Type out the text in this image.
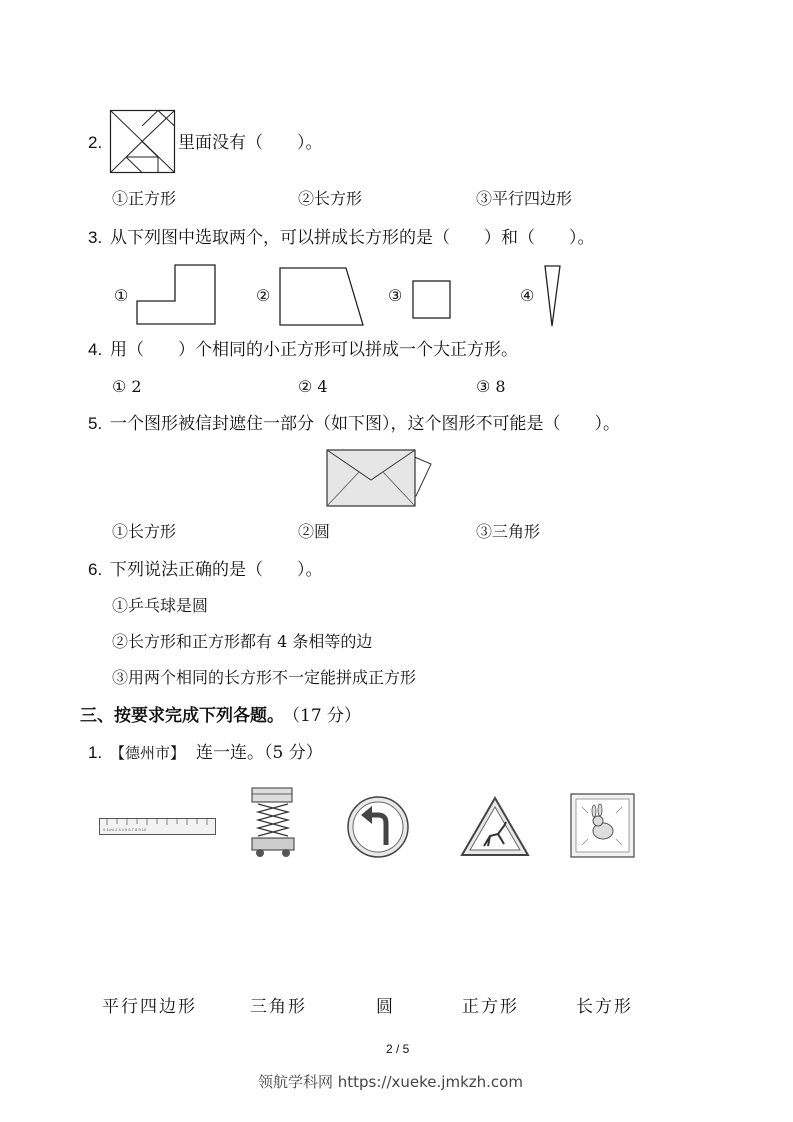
2.	里面没有（　　）。
①正方形	②长方形	③平行四边形
3. 从下列图中选取两个，可以拼成长方形的是（　　）和（　　）。
①	②	③	④
4. 用（　　）个相同的小正方形可以拼成一个大正方形。
① 2	② 4	③ 8
5. 一个图形被信封遮住一部分（如下图），这个图形不可能是（　　）。
①长方形	②圆	③三角形
6. 下列说法正确的是（　　）。
①乒乓球是圆
②长方形和正方形都有 4 条相等的边
③用两个相同的长方形不一定能拼成正方形
三、按要求完成下列各题。 （17 分）
1. 【德州市】 连一连。（5 分）
0 1cm 2 3 4 5 6 7 8 9 10
平行四边形	三角形	圆	正方形	长方形
2 / 5
领航学科网 https://xueke.jmkzh.com
